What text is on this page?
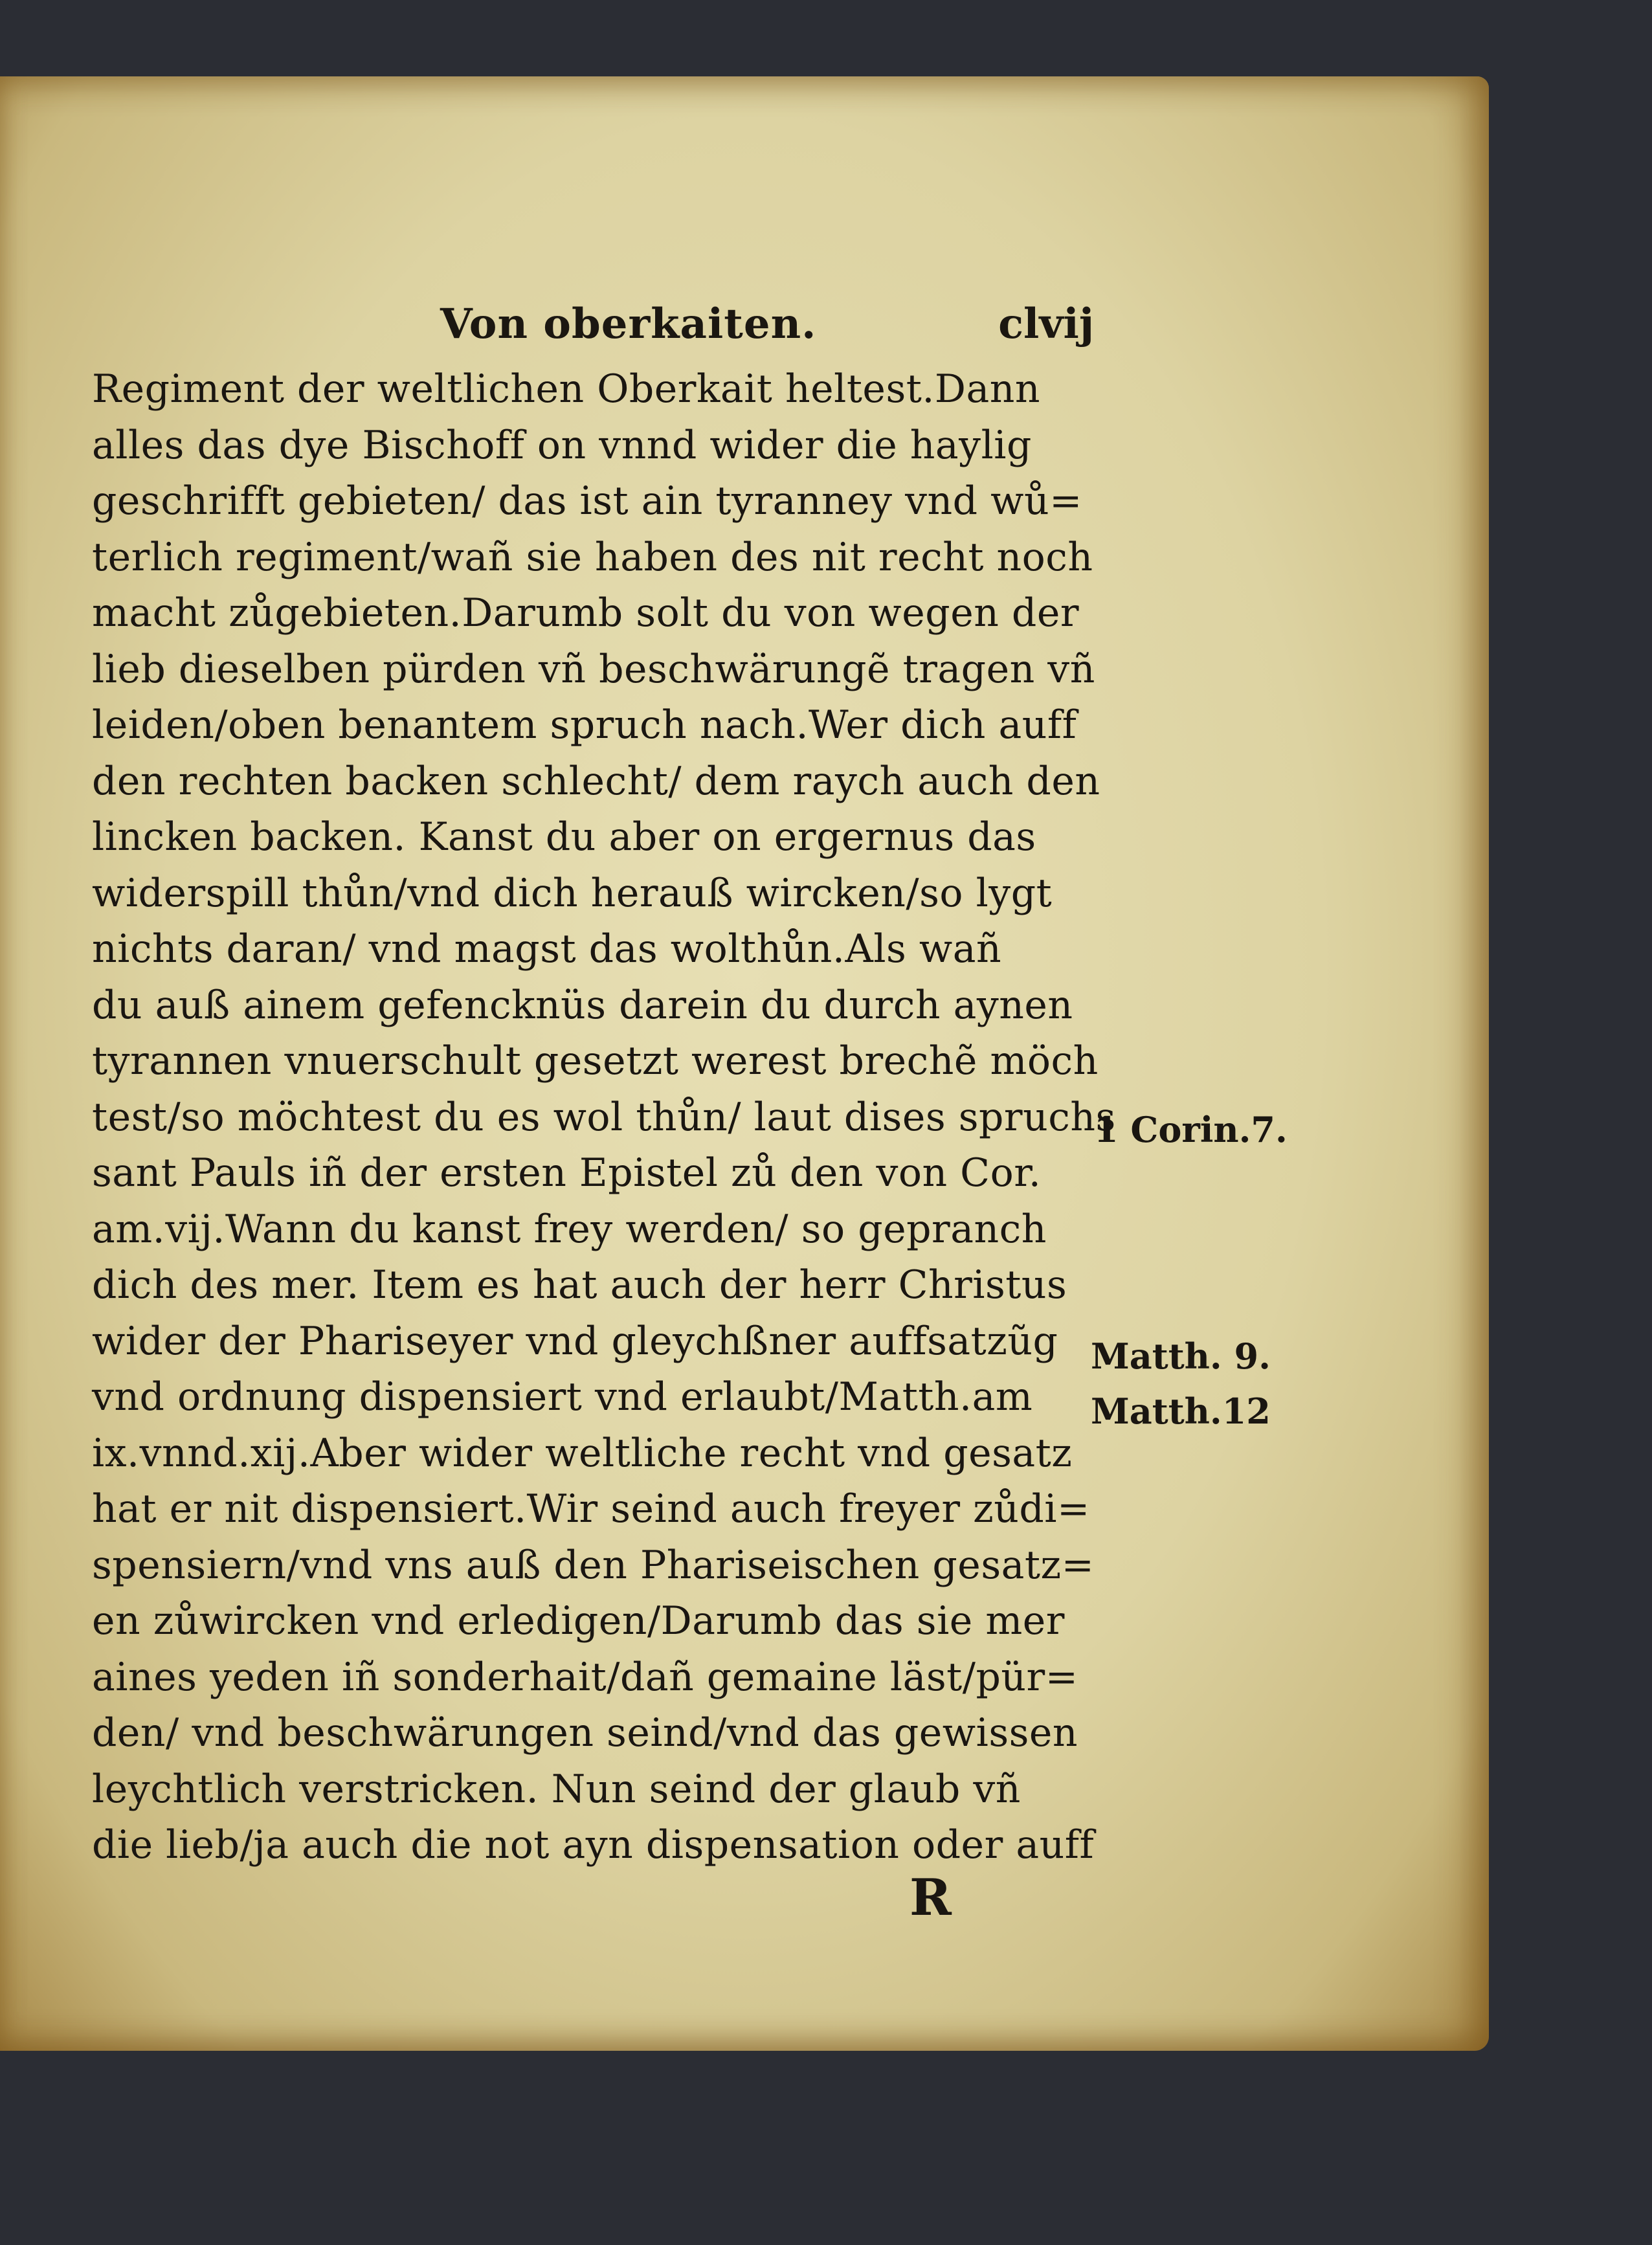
Von oberkaiten.	clvij
Regiment der weltlichen Oberkait heltest.Dann
alles das dye Bischoff on vnnd wider die haylig
geschrifft gebieten/ das ist ain tyranney vnd wů=
terlich regiment/wañ sie haben des nit recht noch
macht zůgebieten.Darumb solt du von wegen der
lieb dieselben pürden vñ beschwärungẽ tragen vñ
leiden/oben benantem spruch nach.Wer dich auff
den rechten backen schlecht/ dem raych auch den
lincken backen. Kanst du aber on ergernus das
widerspill thůn/vnd dich herauß wircken/so lygt
nichts daran/ vnd magst das wolthůn.Als wañ
du auß ainem gefencknüs darein du durch aynen
tyrannen vnuerschult gesetzt werest brechẽ möch
test/so möchtest du es wol thůn/ laut dises spruchs
sant Pauls iñ der ersten Epistel zů den von Cor.
am.vij.Wann du kanst frey werden/ so gepranch
dich des mer. Item es hat auch der herr Christus
wider der Phariseyer vnd gleychßner auffsatzũg
vnd ordnung dispensiert vnd erlaubt/Matth.am
ix.vnnd.xij.Aber wider weltliche recht vnd gesatz
hat er nit dispensiert.Wir seind auch freyer zůdi=
spensiern/vnd vns auß den Phariseischen gesatz=
en zůwircken vnd erledigen/Darumb das sie mer
aines yeden iñ sonderhait/dañ gemaine läst/pür=
den/ vnd beschwärungen seind/vnd das gewissen
leychtlich verstricken. Nun seind der glaub vñ
die lieb/ja auch die not ayn dispensation oder auff
1 Corin.7.
Matth. 9.
Matth.12
R
